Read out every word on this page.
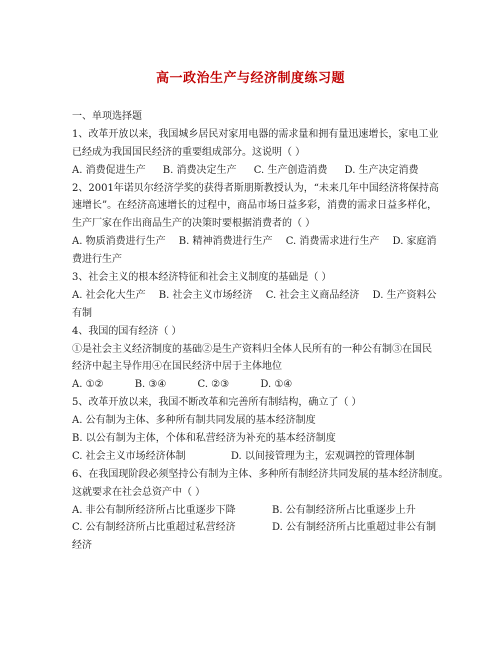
高一政治生产与经济制度练习题
一、单项选择题
1、改革开放以来，我国城乡居民对家用电器的需求量和拥有量迅速增长，家电工业
已经成为我国国民经济的重要组成部分。这说明（ ）
A. 消费促进生产 B. 消费决定生产 C. 生产创造消费 D. 生产决定消费
2、2001年诺贝尔经济学奖的获得者斯朋斯教授认为，“未来几年中国经济将保持高
速增长”。在经济高速增长的过程中，商品市场日益多彩，消费的需求日益多样化，
生产厂家在作出商品生产的决策时要根据消费者的（ ）
A. 物质消费进行生产 B. 精神消费进行生产 C. 消费需求进行生产 D. 家庭消
费进行生产
3、社会主义的根本经济特征和社会主义制度的基础是（ ）
A. 社会化大生产 B. 社会主义市场经济 C. 社会主义商品经济 D. 生产资料公
有制
4、我国的国有经济（ ）
①是社会主义经济制度的基础②是生产资料归全体人民所有的一种公有制③在国民
经济中起主导作用④在国民经济中居于主体地位
A. ①②	B. ③④	C. ②③	D. ①④
5、改革开放以来，我国不断改革和完善所有制结构，确立了（ ）
A. 公有制为主体、多种所有制共同发展的基本经济制度
B. 以公有制为主体，个体和私营经济为补充的基本经济制度
C. 社会主义市场经济体制	D. 以间接管理为主，宏观调控的管理体制
6、在我国现阶段必须坚持公有制为主体、多种所有制经济共同发展的基本经济制度。
这就要求在社会总资产中（ ）
A. 非公有制所经济所占比重逐步下降	B. 公有制经济所占比重逐步上升
C. 公有制经济所占比重超过私营经济	D. 公有制经济所占比重超过非公有制
经济
